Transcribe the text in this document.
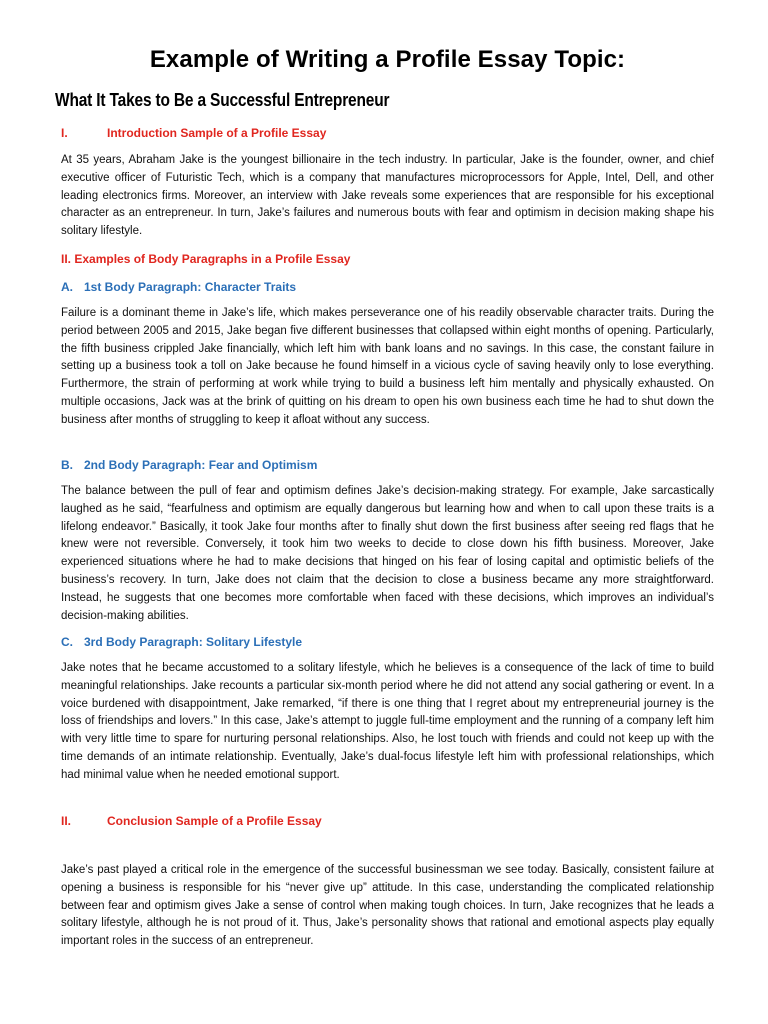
Example of Writing a Profile Essay Topic:
What It Takes to Be a Successful Entrepreneur
I.	Introduction Sample of a Profile Essay

At 35 years, Abraham Jake is the youngest billionaire in the tech industry. In particular, Jake is the founder, owner, and chief executive officer of Futuristic Tech, which is a company that manufactures microprocessors for Apple, Intel, Dell, and other leading electronics firms. Moreover, an interview with Jake reveals some experiences that are responsible for his exceptional character as an entrepreneur. In turn, Jake’s failures and numerous bouts with fear and optimism in decision making shape his solitary lifestyle.

II. Examples of Body Paragraphs in a Profile Essay
A. 1st Body Paragraph: Character Traits

Failure is a dominant theme in Jake’s life, which makes perseverance one of his readily observable character traits. During the period between 2005 and 2015, Jake began five different businesses that collapsed within eight months of opening. Particularly, the fifth business crippled Jake financially, which left him with bank loans and no savings. In this case, the constant failure in setting up a business took a toll on Jake because he found himself in a vicious cycle of saving heavily only to lose everything. Furthermore, the strain of performing at work while trying to build a business left him mentally and physically exhausted. On multiple occasions, Jack was at the brink of quitting on his dream to open his own business each time he had to shut down the business after months of struggling to keep it afloat without any success.

B. 2nd Body Paragraph: Fear and Optimism

The balance between the pull of fear and optimism defines Jake’s decision-making strategy. For example, Jake sarcastically laughed as he said, “fearfulness and optimism are equally dangerous but learning how and when to call upon these traits is a lifelong endeavor.” Basically, it took Jake four months after to finally shut down the first business after seeing red flags that he knew were not reversible. Conversely, it took him two weeks to decide to close down his fifth business. Moreover, Jake experienced situations where he had to make decisions that hinged on his fear of losing capital and optimistic beliefs of the business’s recovery. In turn, Jake does not claim that the decision to close a business became any more straightforward. Instead, he suggests that one becomes more comfortable when faced with these decisions, which improves an individual’s decision-making abilities.

C. 3rd Body Paragraph: Solitary Lifestyle

Jake notes that he became accustomed to a solitary lifestyle, which he believes is a consequence of the lack of time to build meaningful relationships. Jake recounts a particular six-month period where he did not attend any social gathering or event. In a voice burdened with disappointment, Jake remarked, “if there is one thing that I regret about my entrepreneurial journey is the loss of friendships and lovers.” In this case, Jake’s attempt to juggle full-time employment and the running of a company left him with very little time to spare for nurturing personal relationships. Also, he lost touch with friends and could not keep up with the time demands of an intimate relationship. Eventually, Jake’s dual-focus lifestyle left him with professional relationships, which had minimal value when he needed emotional support.

II.	Conclusion Sample of a Profile Essay

Jake’s past played a critical role in the emergence of the successful businessman we see today. Basically, consistent failure at opening a business is responsible for his “never give up” attitude. In this case, understanding the complicated relationship between fear and optimism gives Jake a sense of control when making tough choices. In turn, Jake recognizes that he leads a solitary lifestyle, although he is not proud of it. Thus, Jake’s personality shows that rational and emotional aspects play equally important roles in the success of an entrepreneur.
